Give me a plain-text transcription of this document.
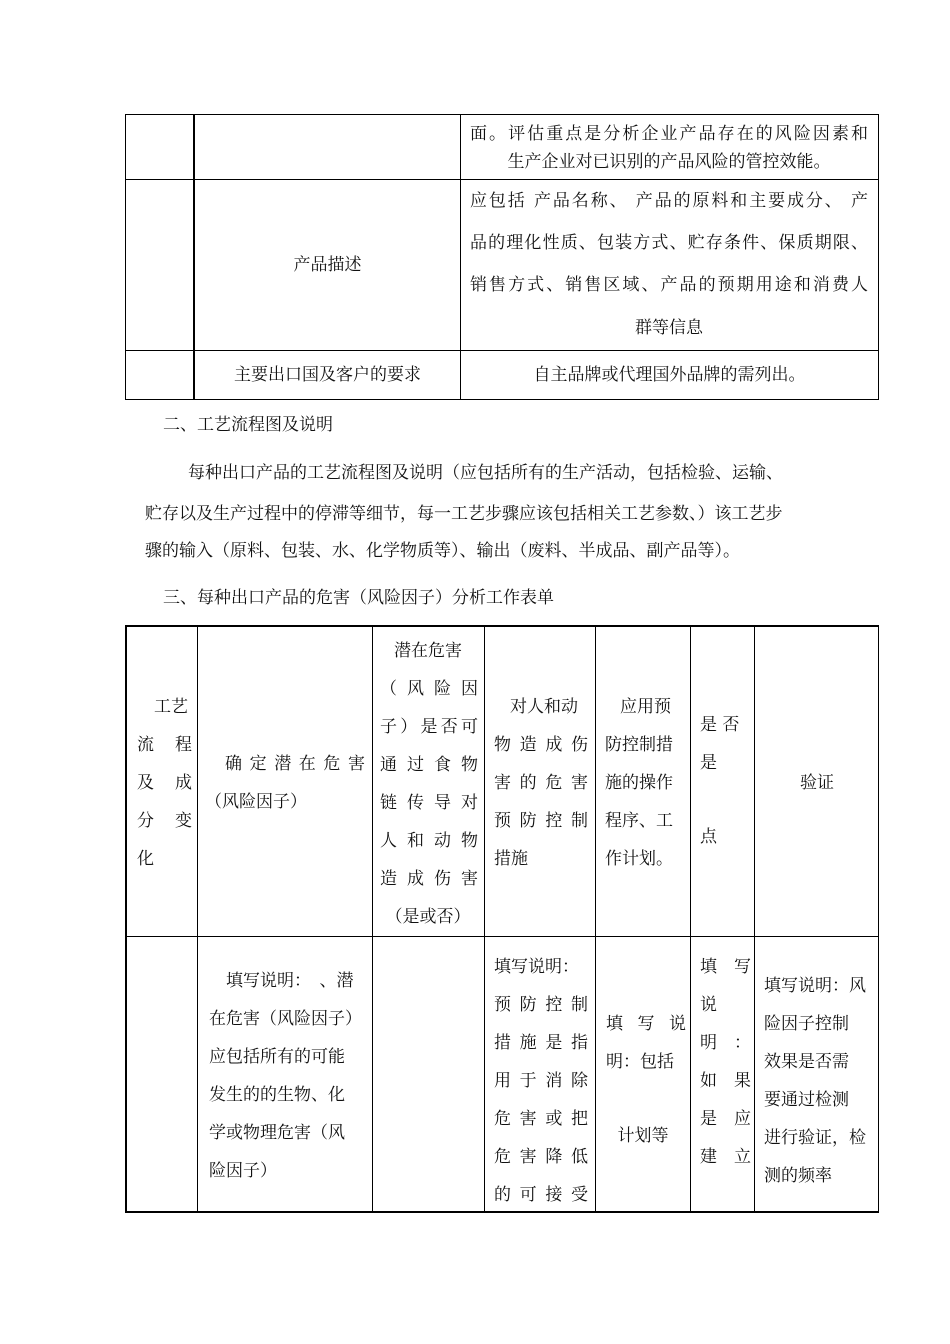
面。评估重点是分析企业产品存在的风险因素和
生产企业对已识别的产品风险的管控效能。
产品描述
应包括 产品名称、 产品的原料和主要成分、 产
品的理化性质、包装方式、贮存条件、保质期限、
销售方式、销售区域、产品的预期用途和消费人
群等信息
主要出口国及客户的要求	自主品牌或代理国外品牌的需列出。
二、工艺流程图及说明
每种出口产品的工艺流程图及说明（应包括所有的生产活动，包括检验、运输、
贮存以及生产过程中的停滞等细节，每一工艺步骤应该包括相关工艺参数、）该工艺步
骤的输入（原料、包装、水、化学物质等）、输出（废料、半成品、副产品等）。
三、每种出口产品的危害（风险因子）分析工作表单
工艺
流　程
及　成
分　变
化
确定潜在危害
（风险因子）
潜在危害
（风险因
子）是否可
通过食物
链传导对
人和动物
造成伤害
（是或否）
对人和动
物造成伤
害的危害
预防控制
措施
应用预
防控制措
施的操作
程序、工
作计划。
是 否
是
点
验证
填写说明：　、潜
在危害（风险因子）
应包括所有的可能
发生的的生物、化
学或物理危害（风
险因子）
填写说明：
预防控制
措施是指
用于消除
危害或把
危害降低
的可接受
填写说
明：包括
计划等
填　写
说
明　：
如　果
是　应
建　立
填写说明：风
险因子控制
效果是否需
要通过检测
进行验证，检
测的频率
